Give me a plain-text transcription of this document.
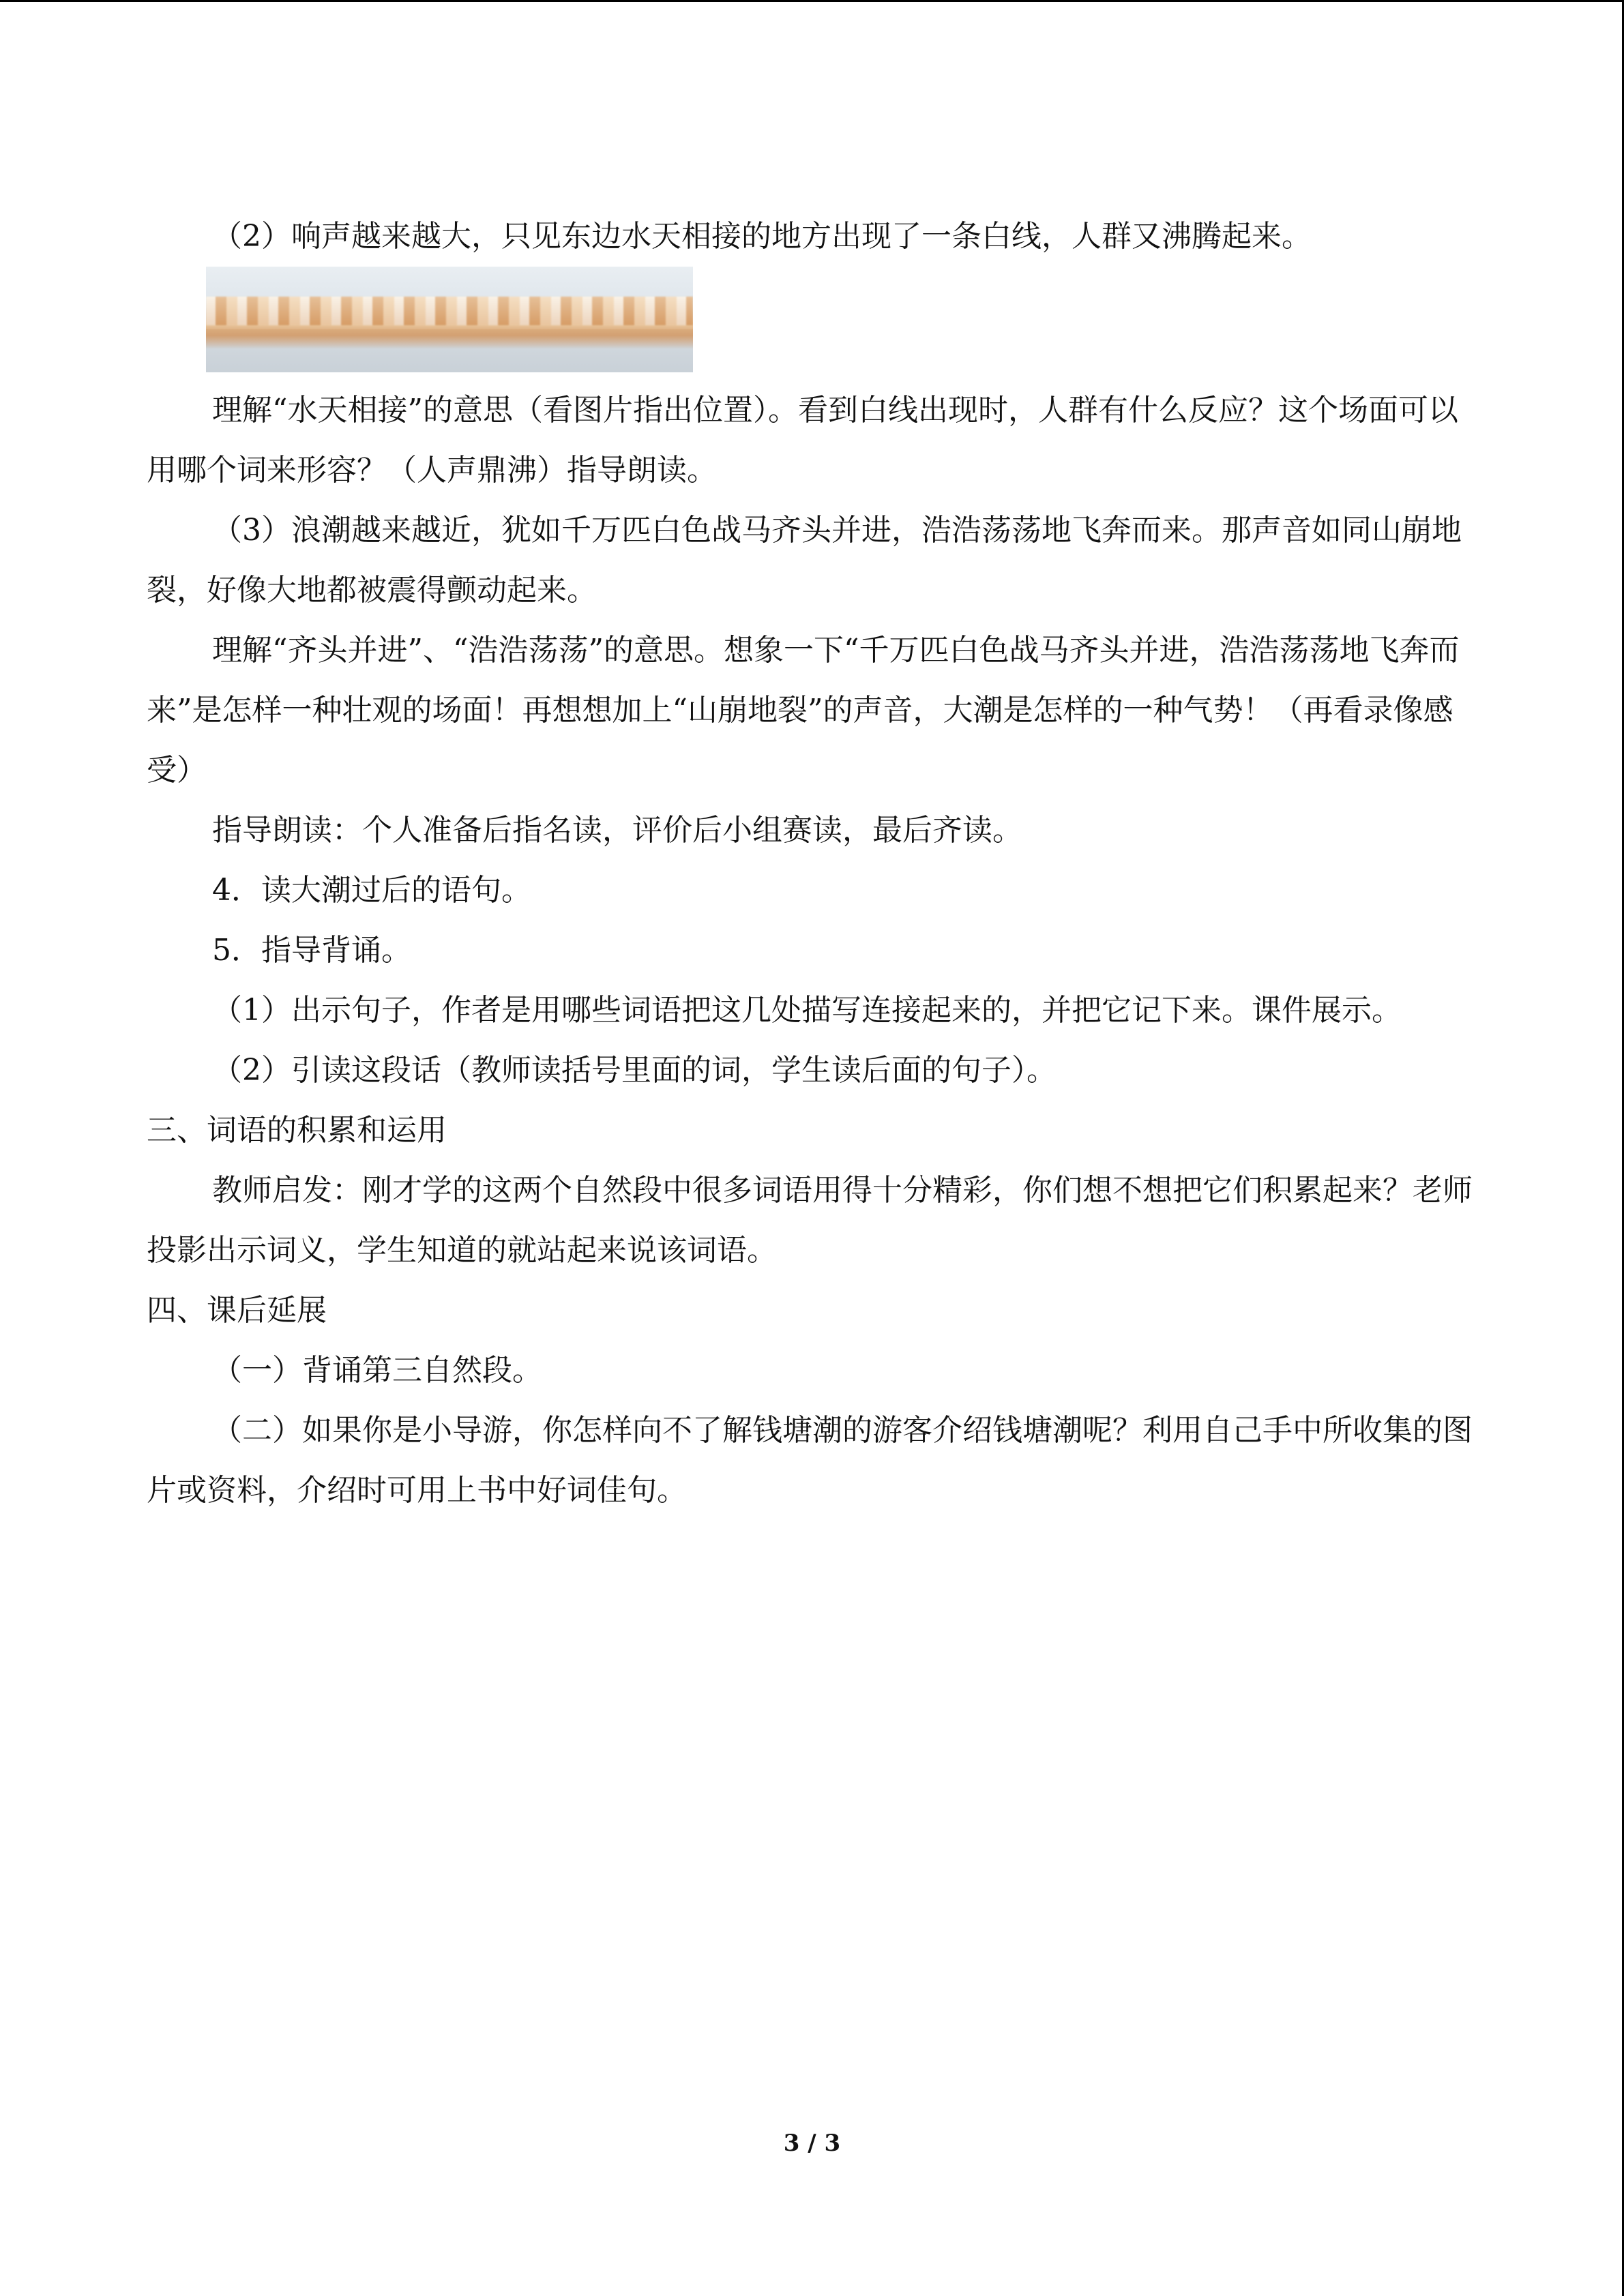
（2）响声越来越大，只见东边水天相接的地方出现了一条白线，人群又沸腾起来。

理解“水天相接”的意思（看图片指出位置）。看到白线出现时，人群有什么反应？这个场面可以用哪个词来形容？（人声鼎沸）指导朗读。

（3）浪潮越来越近，犹如千万匹白色战马齐头并进，浩浩荡荡地飞奔而来。那声音如同山崩地裂，好像大地都被震得颤动起来。

理解“齐头并进”、“浩浩荡荡”的意思。想象一下“千万匹白色战马齐头并进，浩浩荡荡地飞奔而来”是怎样一种壮观的场面！再想想加上“山崩地裂”的声音，大潮是怎样的一种气势！（再看录像感受）

指导朗读：个人准备后指名读，评价后小组赛读，最后齐读。

4．读大潮过后的语句。

5．指导背诵。

（1）出示句子，作者是用哪些词语把这几处描写连接起来的，并把它记下来。课件展示。

（2）引读这段话（教师读括号里面的词，学生读后面的句子）。

三、词语的积累和运用

教师启发：刚才学的这两个自然段中很多词语用得十分精彩，你们想不想把它们积累起来？老师投影出示词义，学生知道的就站起来说该词语。

四、课后延展

（一）背诵第三自然段。

（二）如果你是小导游，你怎样向不了解钱塘潮的游客介绍钱塘潮呢？利用自己手中所收集的图片或资料，介绍时可用上书中好词佳句。

3 / 3
